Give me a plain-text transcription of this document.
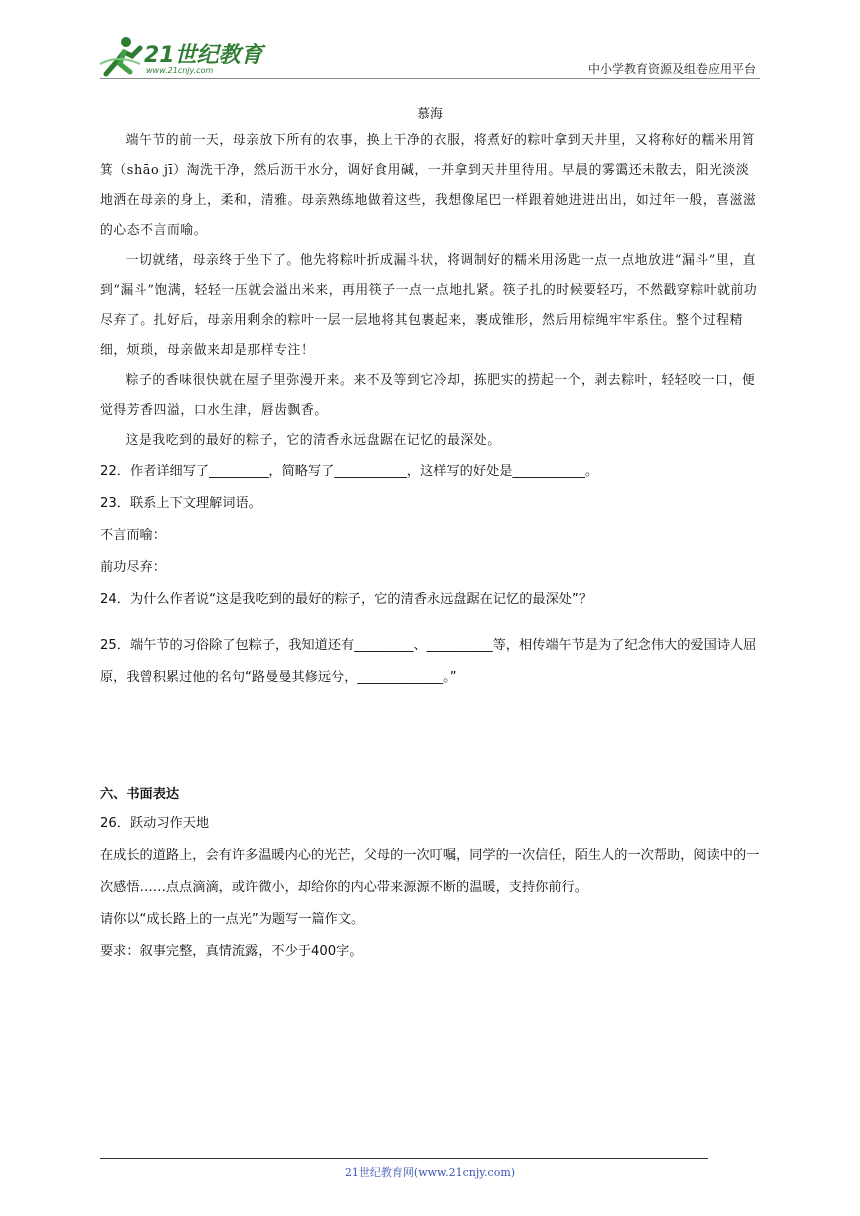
21世纪教育
www.21cnjy.com	中小学教育资源及组卷应用平台

慕海

端午节的前一天，母亲放下所有的农事，换上干净的衣服，将煮好的粽叶拿到天井里，又将称好的糯米用筲箕（shāo jī）淘洗干净，然后沥干水分，调好食用碱，一并拿到天井里待用。早晨的雾霭还未散去，阳光淡淡地洒在母亲的身上，柔和，清雅。母亲熟练地做着这些，我想像尾巴一样跟着她进进出出，如过年一般，喜滋滋的心态不言而喻。

一切就绪，母亲终于坐下了。他先将粽叶折成漏斗状，将调制好的糯米用汤匙一点一点地放进“漏斗”里，直到“漏斗”饱满，轻轻一压就会溢出米来，再用筷子一点一点地扎紧。筷子扎的时候要轻巧，不然戳穿粽叶就前功尽弃了。扎好后，母亲用剩余的粽叶一层一层地将其包裹起来，裹成锥形，然后用棕绳牢牢系住。整个过程精细，烦琐，母亲做来却是那样专注！

粽子的香味很快就在屋子里弥漫开来。来不及等到它冷却，拣肥实的捞起一个，剥去粽叶，轻轻咬一口，便觉得芳香四溢，口水生津，唇齿飘香。

这是我吃到的最好的粽子，它的清香永远盘踞在记忆的最深处。

22．作者详细写了_________，简略写了___________，这样写的好处是___________。

23．联系上下文理解词语。

不言而喻：

前功尽弃：

24．为什么作者说“这是我吃到的最好的粽子，它的清香永远盘踞在记忆的最深处”？

25．端午节的习俗除了包粽子，我知道还有_________、__________等，相传端午节是为了纪念伟大的爱国诗人屈原，我曾积累过他的名句“路曼曼其修远兮，_____________。”

六、书面表达

26．跃动习作天地

在成长的道路上，会有许多温暖内心的光芒，父母的一次叮嘱，同学的一次信任，陌生人的一次帮助，阅读中的一次感悟……点点滴滴，或许微小，却给你的内心带来源源不断的温暖，支持你前行。

请你以“成长路上的一点光”为题写一篇作文。

要求：叙事完整，真情流露，不少于400字。

21世纪教育网(www.21cnjy.com)
